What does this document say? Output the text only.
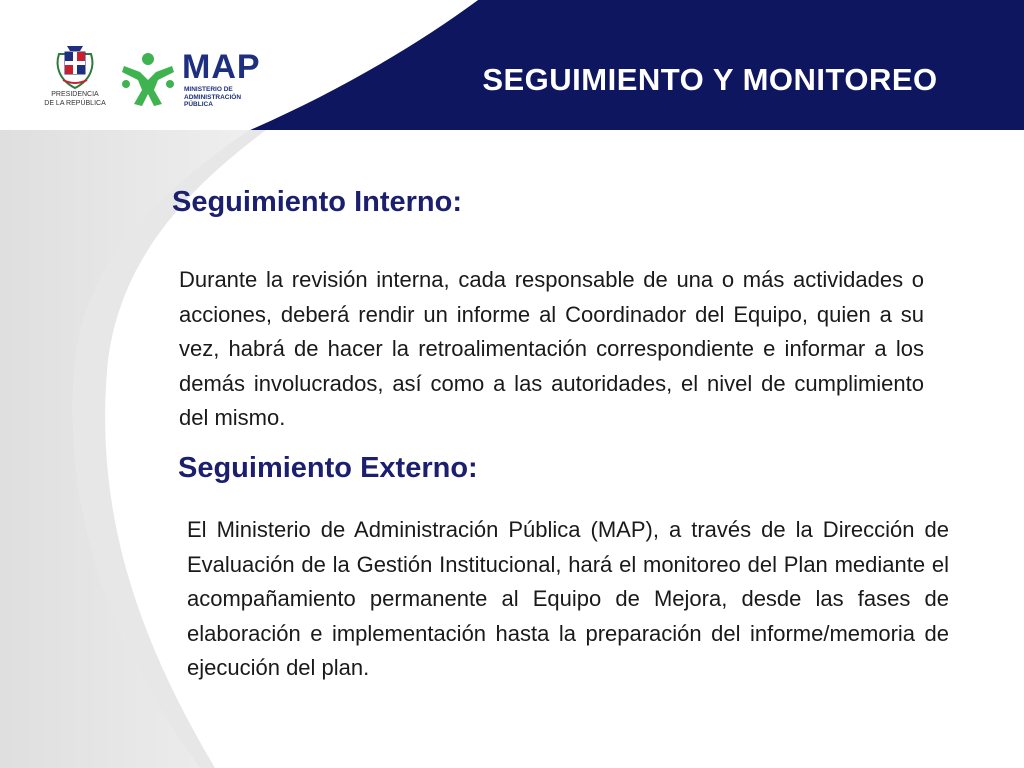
PRESIDENCIA
DE LA REPÚBLICA
MAP
MINISTERIO DE
ADMINISTRACIÓN
PÚBLICA
SEGUIMIENTO Y MONITOREO
Seguimiento Interno:
Durante la revisión interna, cada responsable de una o más actividades o acciones, deberá rendir un informe al Coordinador del Equipo, quien a su vez, habrá de hacer la retroalimentación correspondiente e informar a los demás involucrados, así como a las autoridades, el nivel de cumplimiento del mismo.
Seguimiento Externo:
El Ministerio de Administración Pública (MAP), a través de la Dirección de Evaluación de la Gestión Institucional, hará el monitoreo del Plan mediante el acompañamiento permanente al Equipo de Mejora, desde las fases de elaboración e implementación hasta la preparación del informe/memoria de ejecución del plan.
